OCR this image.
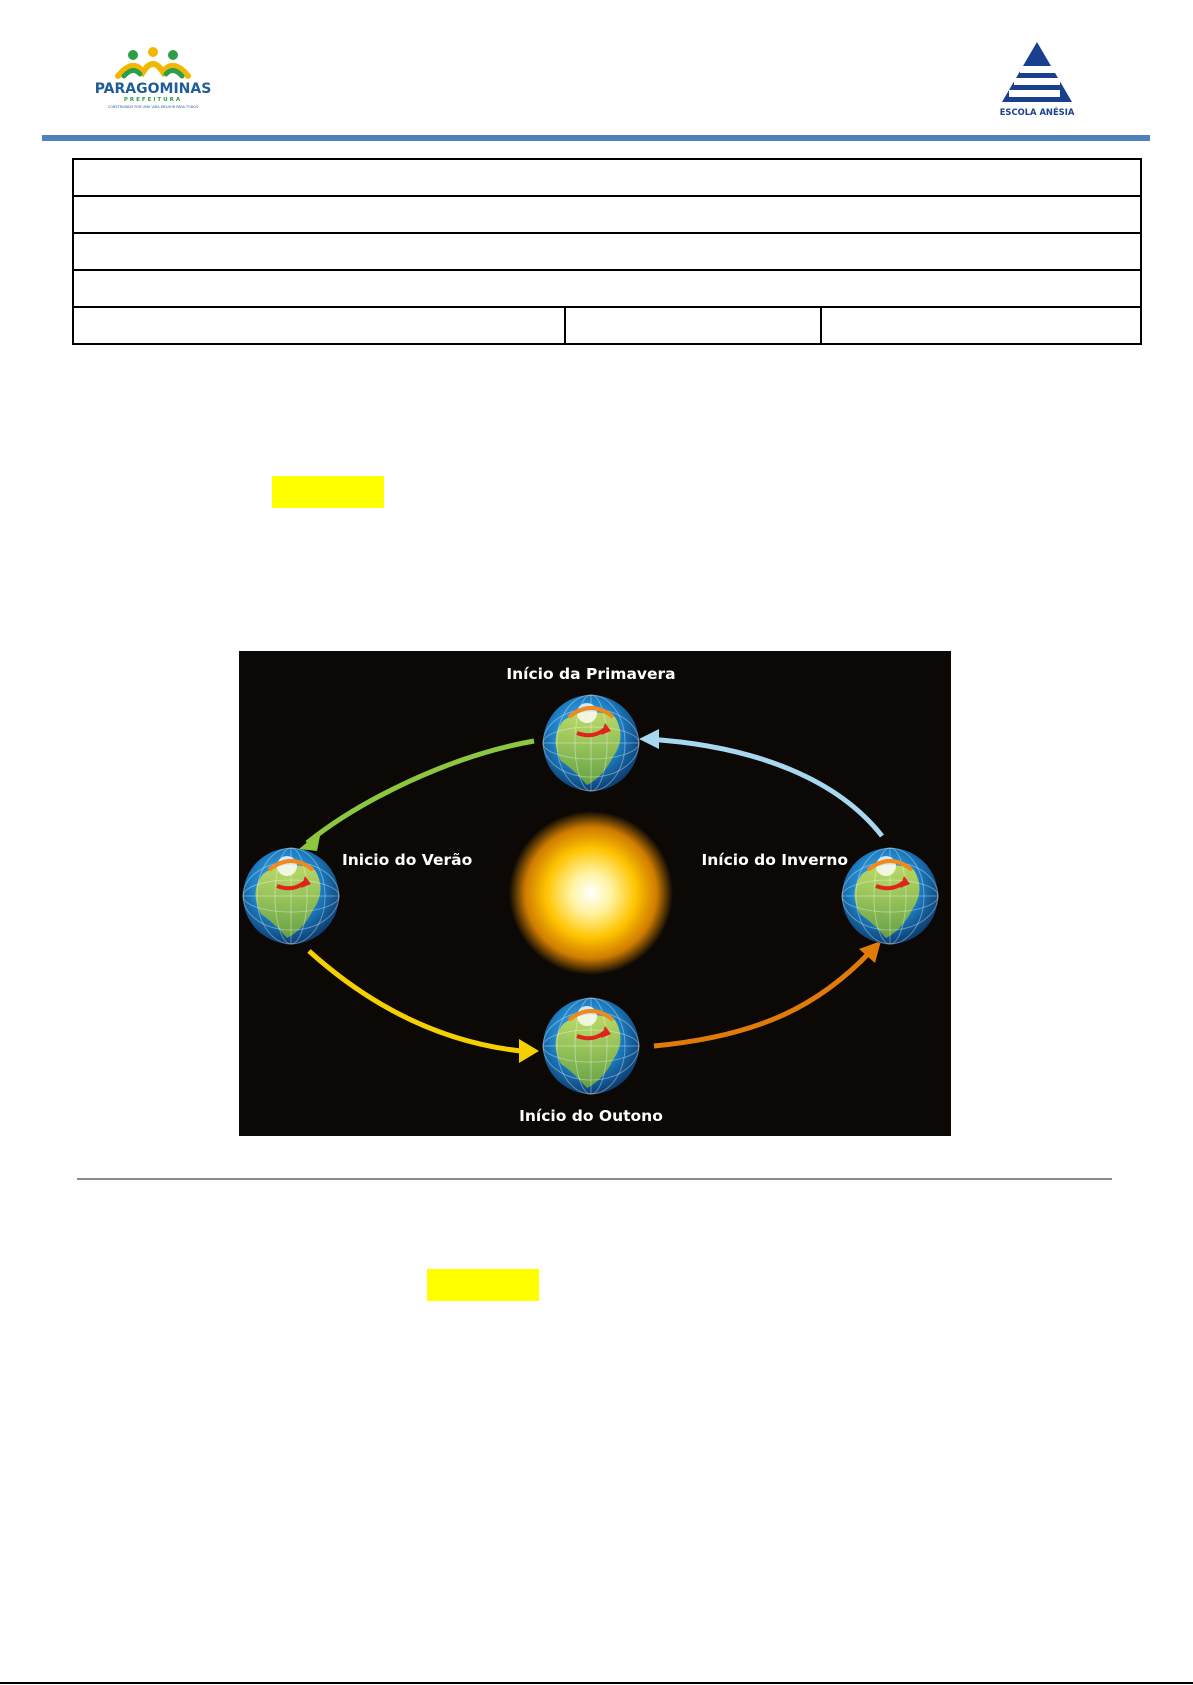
PARAGOMINAS
PREFEITURA
CONSTRUINDO POR UMA VIDA MELHOR PARA TODOS	ESCOLA ANÉSIA

Início da Primavera
Inicio do Verão	Início do Inverno
Início do Outono
